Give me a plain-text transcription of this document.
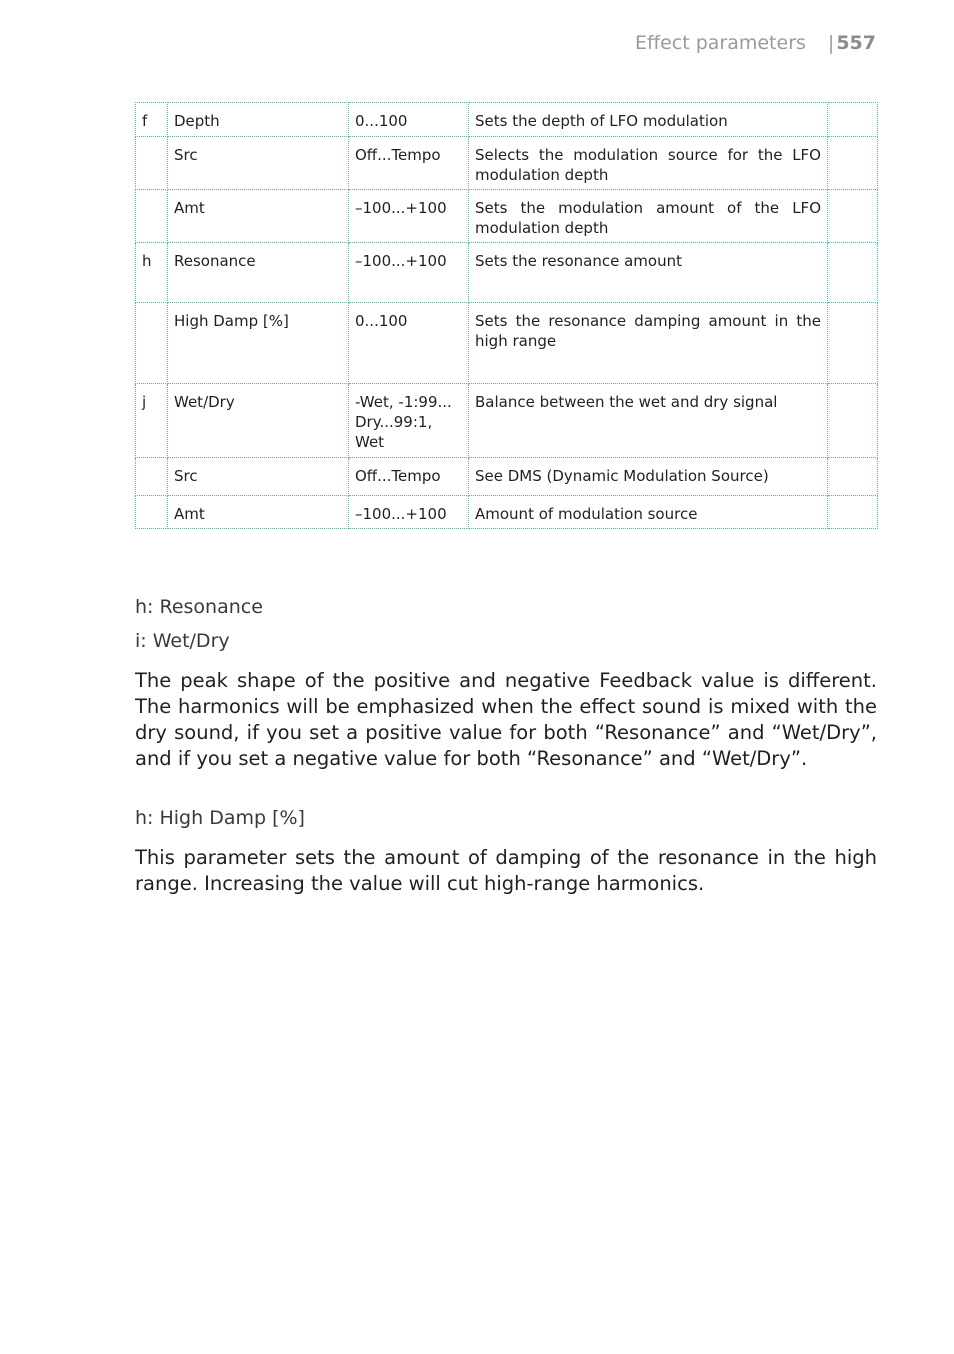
Effect parameters | 557
f	Depth	0...100	Sets the depth of LFO modulation	
	Src	Off...Tempo	Selects the modulation source for the LFO modulation depth	
	Amt	–100...+100	Sets the modulation amount of the LFO modulation depth	
h	Resonance	–100...+100	Sets the resonance amount	
	High Damp [%]	0...100	Sets the resonance damping amount in the high range	
j	Wet/Dry	-Wet, -1:99... Dry...99:1, Wet	Balance between the wet and dry signal	
	Src	Off...Tempo	See DMS (Dynamic Modulation Source)	
	Amt	–100...+100	Amount of modulation source	
h: Resonance
i: Wet/Dry
The peak shape of the positive and negative Feedback value is different. The harmonics will be emphasized when the effect sound is mixed with the dry sound, if you set a positive value for both “Resonance” and “Wet/Dry”, and if you set a negative value for both “Resonance” and “Wet/Dry”.
h: High Damp [%]
This parameter sets the amount of damping of the resonance in the high range. Increasing the value will cut high-range harmonics.
